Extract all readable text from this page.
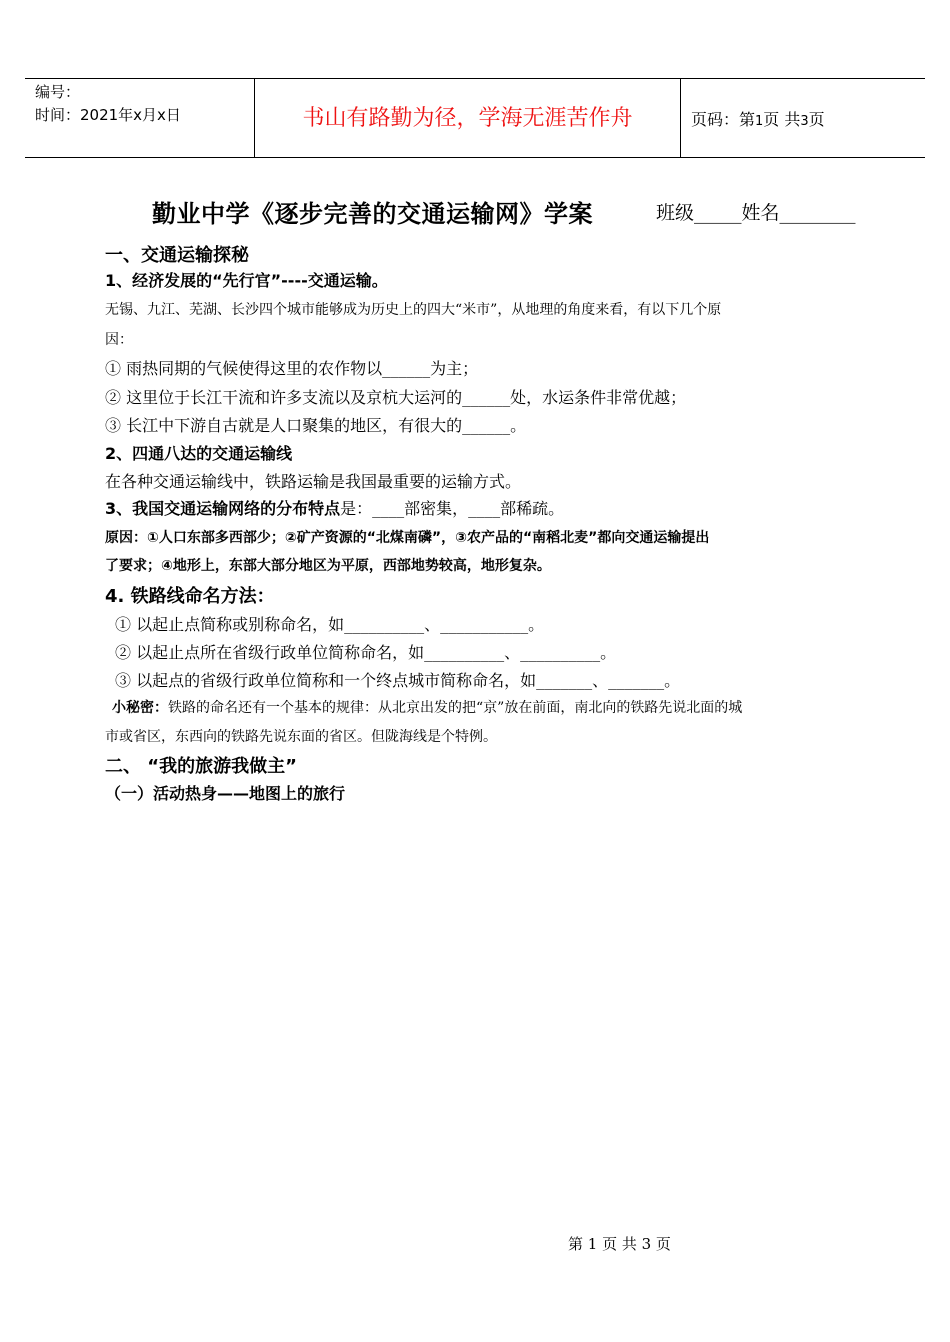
编号：
时间：2021年x月x日	书山有路勤为径，学海无涯苦作舟	页码：第1页 共3页
勤业中学《逐步完善的交通运输网》学案	班级_____姓名________
一、交通运输探秘
1、经济发展的“先行官”----交通运输。
无锡、九江、芜湖、长沙四个城市能够成为历史上的四大“米市”，从地理的角度来看，有以下几个原
因：
① 雨热同期的气候使得这里的农作物以______为主；
② 这里位于长江干流和许多支流以及京杭大运河的______处，水运条件非常优越；
③ 长江中下游自古就是人口聚集的地区，有很大的______。
2、四通八达的交通运输线
在各种交通运输线中，铁路运输是我国最重要的运输方式。
3、我国交通运输网络的分布特点是：____部密集，____部稀疏。
原因：①人口东部多西部少；②矿产资源的“北煤南磷”，③农产品的“南稻北麦”都向交通运输提出
了要求；④地形上，东部大部分地区为平原，西部地势较高，地形复杂。
4. 铁路线命名方法：
① 以起止点简称或别称命名，如__________、___________。
② 以起止点所在省级行政单位简称命名，如__________、__________。
③ 以起点的省级行政单位简称和一个终点城市简称命名，如_______、_______。
小秘密：铁路的命名还有一个基本的规律：从北京出发的把“京”放在前面，南北向的铁路先说北面的城
市或省区，东西向的铁路先说东面的省区。但陇海线是个特例。
二、 “我的旅游我做主”
（一）活动热身——地图上的旅行
第 1 页 共 3 页
